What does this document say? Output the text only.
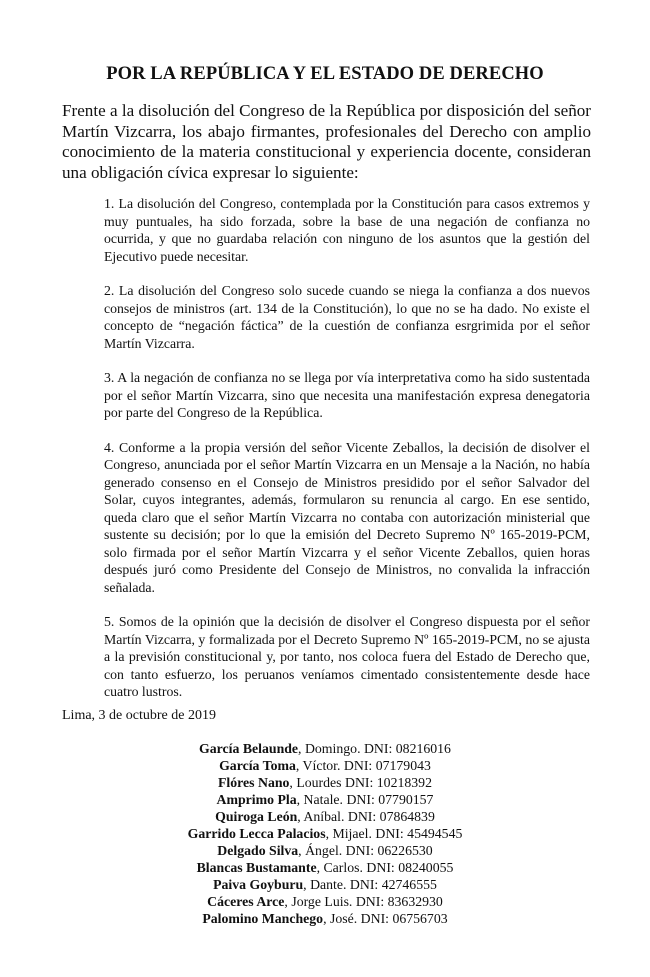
POR LA REPÚBLICA Y EL ESTADO DE DERECHO
Frente a la disolución del Congreso de la República por disposición del señor Martín Vizcarra, los abajo firmantes, profesionales del Derecho con amplio conocimiento de la materia constitucional y experiencia docente, consideran una obligación cívica expresar lo siguiente:

1. La disolución del Congreso, contemplada por la Constitución para casos extremos y muy puntuales, ha sido forzada, sobre la base de una negación de confianza no ocurrida, y que no guardaba relación con ninguno de los asuntos que la gestión del Ejecutivo puede necesitar.

2. La disolución del Congreso solo sucede cuando se niega la confianza a dos nuevos consejos de ministros (art. 134 de la Constitución), lo que no se ha dado. No existe el concepto de “negación fáctica” de la cuestión de confianza esrgrimida por el señor Martín Vizcarra.

3. A la negación de confianza no se llega por vía interpretativa como ha sido sustentada por el señor Martín Vizcarra, sino que necesita una manifestación expresa denegatoria por parte del Congreso de la República.

4. Conforme a la propia versión del señor Vicente Zeballos, la decisión de disolver el Congreso, anunciada por el señor Martín Vizcarra en un Mensaje a la Nación, no había generado consenso en el Consejo de Ministros presidido por el señor Salvador del Solar, cuyos integrantes, además, formularon su renuncia al cargo. En ese sentido, queda claro que el señor Martín Vizcarra no contaba con autorización ministerial que sustente su decisión; por lo que la emisión del Decreto Supremo Nº 165-2019-PCM, solo firmada por el señor Martín Vizcarra y el señor Vicente Zeballos, quien horas después juró como Presidente del Consejo de Ministros, no convalida la infracción señalada.

5. Somos de la opinión que la decisión de disolver el Congreso dispuesta por el señor Martín Vizcarra, y formalizada por el Decreto Supremo Nº 165-2019-PCM, no se ajusta a la previsión constitucional y, por tanto, nos coloca fuera del Estado de Derecho que, con tanto esfuerzo, los peruanos veníamos cimentado consistentemente desde hace cuatro lustros.

Lima, 3 de octubre de 2019
García Belaunde, Domingo. DNI: 08216016
García Toma, Víctor. DNI: 07179043
Flóres Nano, Lourdes DNI: 10218392
Amprimo Pla, Natale. DNI: 07790157
Quiroga León, Aníbal. DNI: 07864839
Garrido Lecca Palacios, Mijael. DNI: 45494545
Delgado Silva, Ángel. DNI: 06226530
Blancas Bustamante, Carlos. DNI: 08240055
Paiva Goyburu, Dante. DNI: 42746555
Cáceres Arce, Jorge Luis. DNI: 83632930
Palomino Manchego, José. DNI: 06756703
